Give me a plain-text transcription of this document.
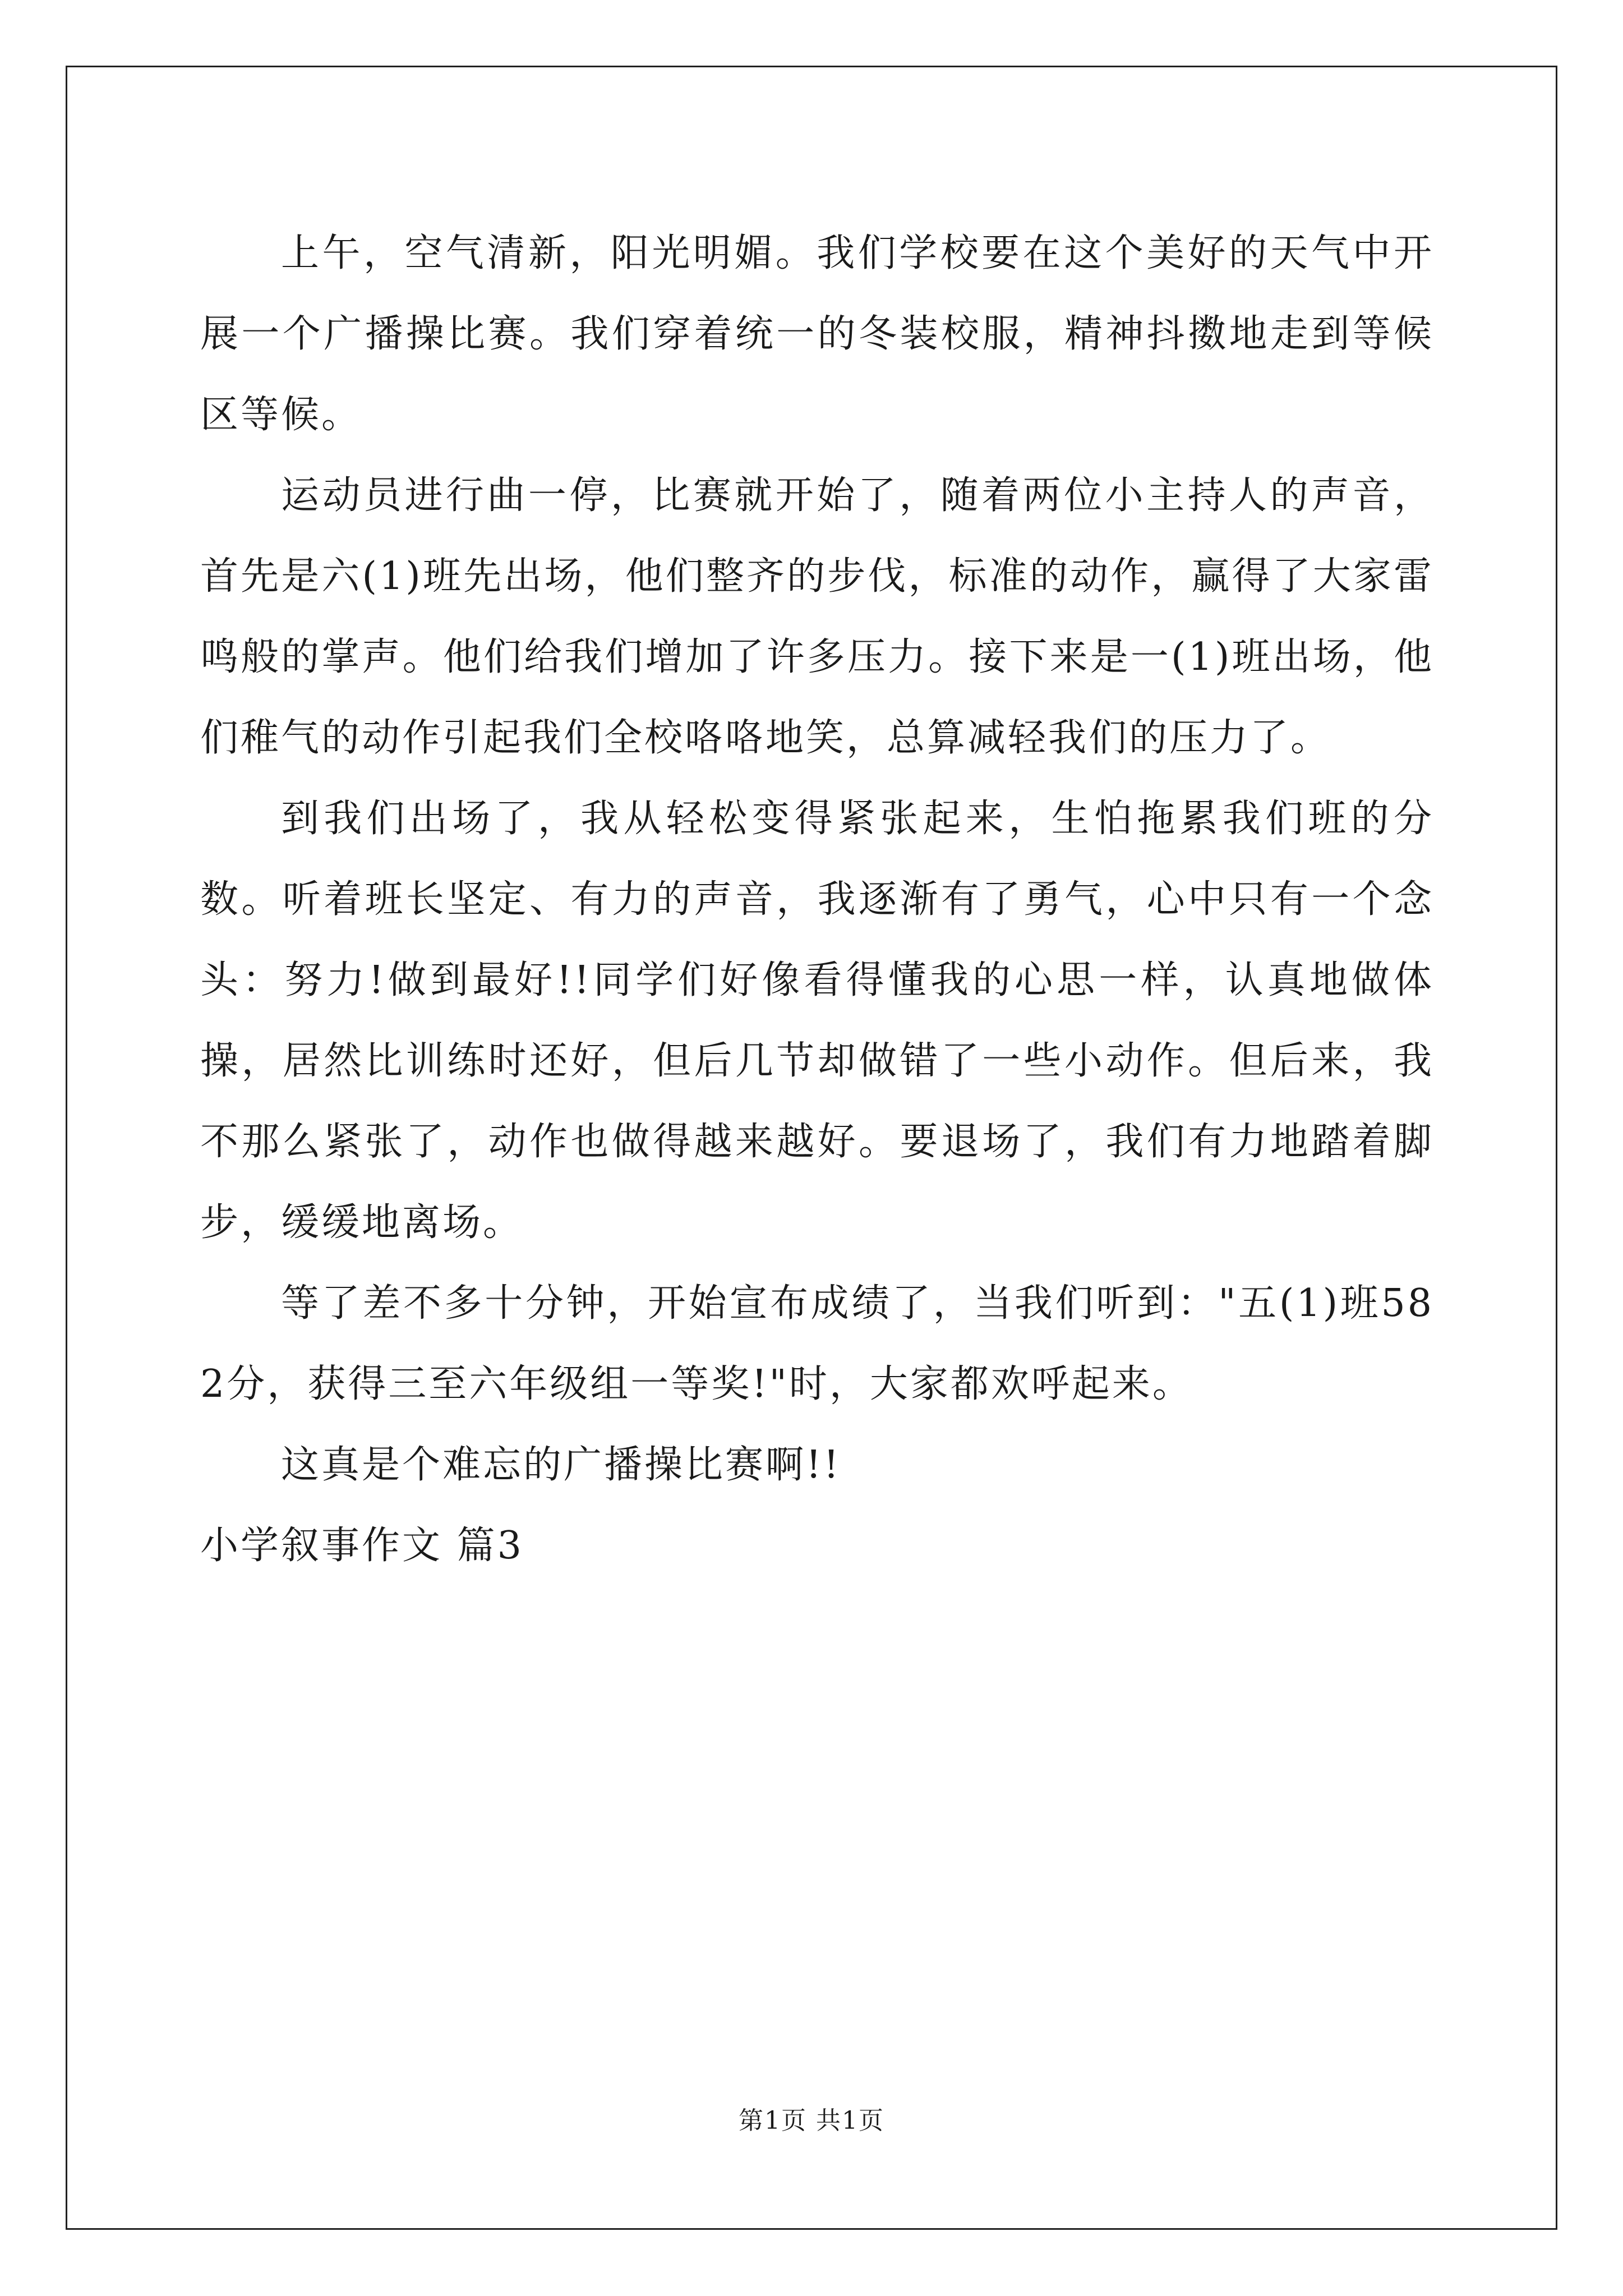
上午，空气清新，阳光明媚。我们学校要在这个美好的天气中开展一个广播操比赛。我们穿着统一的冬装校服，精神抖擞地走到等候区等候。

运动员进行曲一停，比赛就开始了，随着两位小主持人的声音，首先是六(1)班先出场，他们整齐的步伐，标准的动作，赢得了大家雷鸣般的掌声。他们给我们增加了许多压力。接下来是一(1)班出场，他们稚气的动作引起我们全校咯咯地笑，总算减轻我们的压力了。

到我们出场了，我从轻松变得紧张起来，生怕拖累我们班的分数。听着班长坚定、有力的声音，我逐渐有了勇气，心中只有一个念头：努力!做到最好!!同学们好像看得懂我的心思一样，认真地做体操，居然比训练时还好，但后几节却做错了一些小动作。但后来，我不那么紧张了，动作也做得越来越好。要退场了，我们有力地踏着脚步，缓缓地离场。

等了差不多十分钟，开始宣布成绩了，当我们听到："五(1)班582分，获得三至六年级组一等奖!"时，大家都欢呼起来。

这真是个难忘的广播操比赛啊!!

小学叙事作文 篇3

第1页 共1页
